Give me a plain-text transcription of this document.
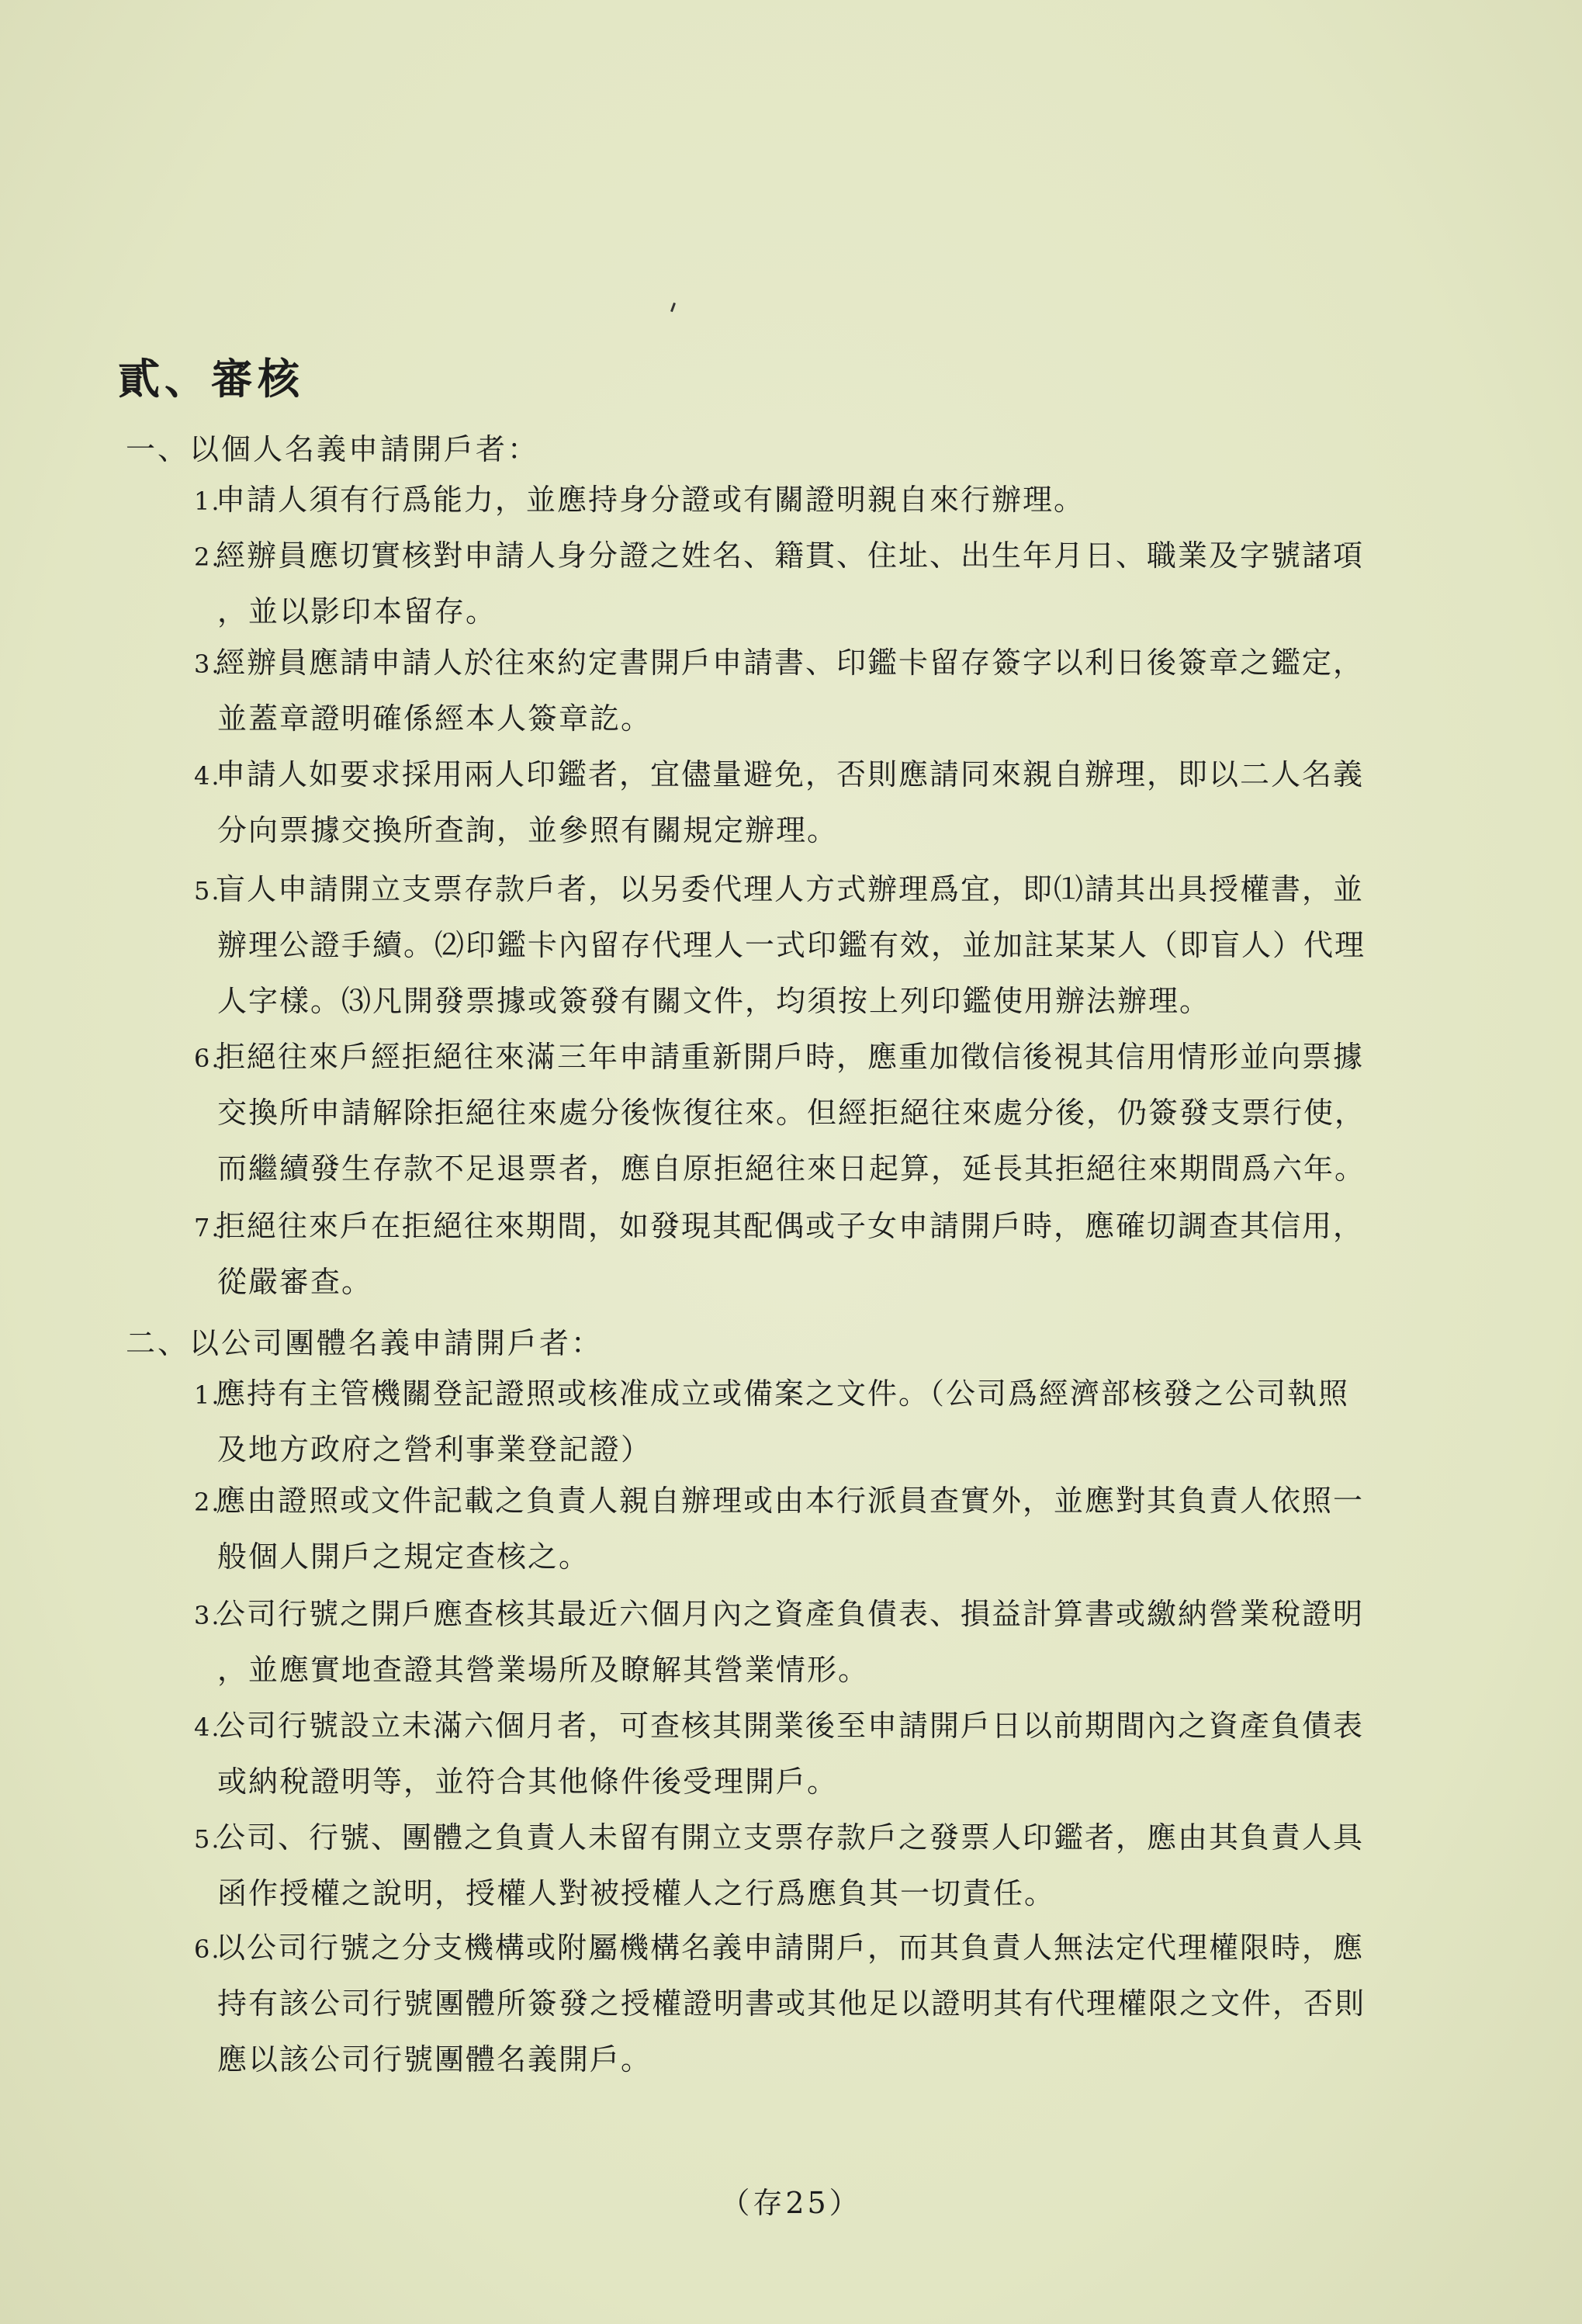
貳、審核
一、以個人名義申請開戶者：
1.申請人須有行爲能力，並應持身分證或有關證明親自來行辦理。
2.經辦員應切實核對申請人身分證之姓名、籍貫、住址、出生年月日、職業及字號諸項
，並以影印本留存。
3.經辦員應請申請人於往來約定書開戶申請書、印鑑卡留存簽字以利日後簽章之鑑定，
並蓋章證明確係經本人簽章訖。
4.申請人如要求採用兩人印鑑者，宜儘量避免，否則應請同來親自辦理，即以二人名義
分向票據交換所查詢，並參照有關規定辦理。
5.盲人申請開立支票存款戶者，以另委代理人方式辦理爲宜，即⑴請其出具授權書，並
辦理公證手續。⑵印鑑卡內留存代理人一式印鑑有效，並加註某某人（即盲人）代理
人字樣。⑶凡開發票據或簽發有關文件，均須按上列印鑑使用辦法辦理。
6.拒絕往來戶經拒絕往來滿三年申請重新開戶時，應重加徵信後視其信用情形並向票據
交換所申請解除拒絕往來處分後恢復往來。但經拒絕往來處分後，仍簽發支票行使，
而繼續發生存款不足退票者，應自原拒絕往來日起算，延長其拒絕往來期間爲六年。
7.拒絕往來戶在拒絕往來期間，如發現其配偶或子女申請開戶時，應確切調查其信用，
從嚴審查。
二、以公司團體名義申請開戶者：
1.應持有主管機關登記證照或核准成立或備案之文件。（公司爲經濟部核發之公司執照
及地方政府之營利事業登記證）
2.應由證照或文件記載之負責人親自辦理或由本行派員查實外，並應對其負責人依照一
般個人開戶之規定查核之。
3.公司行號之開戶應查核其最近六個月內之資產負債表、損益計算書或繳納營業稅證明
，並應實地查證其營業場所及瞭解其營業情形。
4.公司行號設立未滿六個月者，可查核其開業後至申請開戶日以前期間內之資產負債表
或納稅證明等，並符合其他條件後受理開戶。
5.公司、行號、團體之負責人未留有開立支票存款戶之發票人印鑑者，應由其負責人具
函作授權之說明，授權人對被授權人之行爲應負其一切責任。
6.以公司行號之分支機構或附屬機構名義申請開戶，而其負責人無法定代理權限時，應
持有該公司行號團體所簽發之授權證明書或其他足以證明其有代理權限之文件，否則
應以該公司行號團體名義開戶。
（存25）
